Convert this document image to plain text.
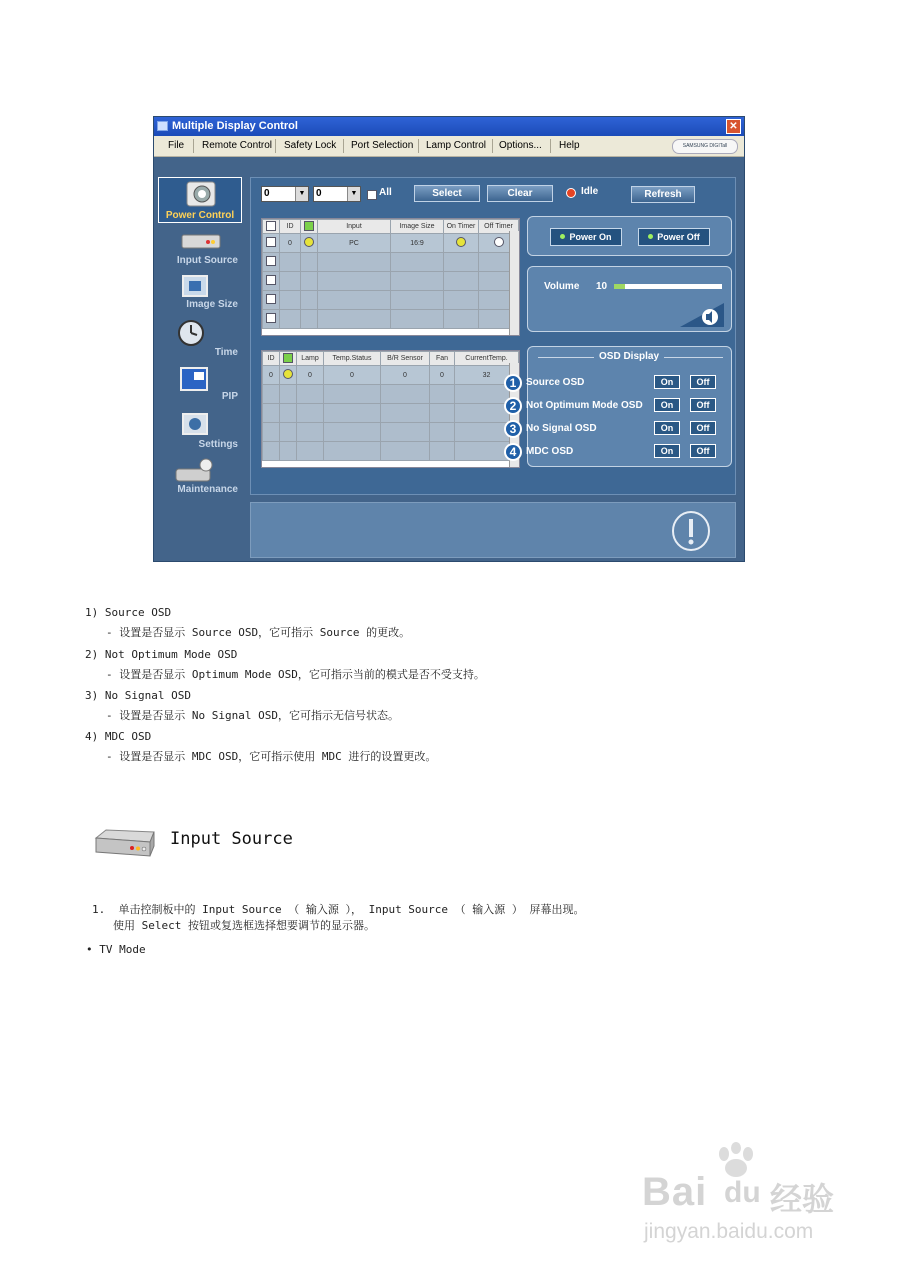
Multiple Display Control	✕
File Remote Control Safety Lock Port Selection Lamp Control Options... Help	SAMSUNG DIGITall
Power Control
Input Source
Image Size
Time
PIP
Settings
Maintenance
0	▼	0	▼ All	Select	Clear	Idle	Refresh
	ID		Input	Image Size	On Timer	Off Timer
	0		PC	16:9		

Power On	Power Off
Volume 10
ID		Lamp	Temp.Status	B/R Sensor	Fan	CurrentTemp.
0		0	0	0	0	32

OSD Display
1 Source OSD	On	Off
2 Not Optimum Mode OSD	On	Off
3 No Signal OSD	On	Off
4 MDC OSD	On	Off
1) Source OSD
- 设置是否显示 Source OSD，它可指示 Source 的更改。
2) Not Optimum Mode OSD
- 设置是否显示 Optimum Mode OSD，它可指示当前的模式是否不受支持。
3) No Signal OSD
- 设置是否显示 No Signal OSD，它可指示无信号状态。
4) MDC OSD
- 设置是否显示 MDC OSD，它可指示使用 MDC 进行的设置更改。
Input Source
1.  单击控制板中的 Input Source （ 输入源 ）， Input Source （ 输入源 ） 屏幕出现。
使用 Select 按钮或复选框选择想要调节的显示器。
• TV Mode
Bai du 经验
jingyan.baidu.com
